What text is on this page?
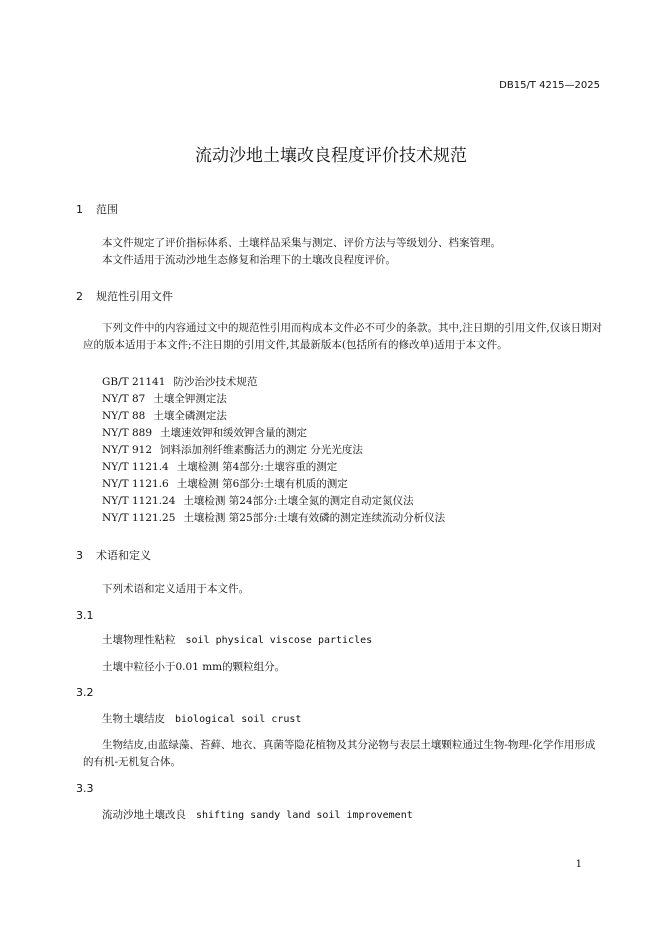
DB15/T 4215—2025
流动沙地土壤改良程度评价技术规范
1 范围
本文件规定了评价指标体系、土壤样品采集与测定、评价方法与等级划分、档案管理。
本文件适用于流动沙地生态修复和治理下的土壤改良程度评价。
2 规范性引用文件
下列文件中的内容通过文中的规范性引用而构成本文件必不可少的条款。其中,注日期的引用文件,仅该日期对应的版本适用于本文件;不注日期的引用文件,其最新版本(包括所有的修改单)适用于本文件。
GB/T 21141 防沙治沙技术规范
NY/T 87 土壤全钾测定法
NY/T 88 土壤全磷测定法
NY/T 889 土壤速效钾和缓效钾含量的测定
NY/T 912 饲料添加剂纤维素酶活力的测定 分光光度法
NY/T 1121.4 土壤检测 第4部分:土壤容重的测定
NY/T 1121.6 土壤检测 第6部分:土壤有机质的测定
NY/T 1121.24 土壤检测 第24部分:土壤全氮的测定自动定氮仪法
NY/T 1121.25 土壤检测 第25部分:土壤有效磷的测定连续流动分析仪法
3 术语和定义
下列术语和定义适用于本文件。
3.1
土壤物理性粘粒 soil physical viscose particles
土壤中粒径小于0.01 mm的颗粒组分。
3.2
生物土壤结皮 biological soil crust
生物结皮,由蓝绿藻、苔藓、地衣、真菌等隐花植物及其分泌物与表层土壤颗粒通过生物-物理-化学作用形成的有机-无机复合体。
3.3
流动沙地土壤改良 shifting sandy land soil improvement
1
